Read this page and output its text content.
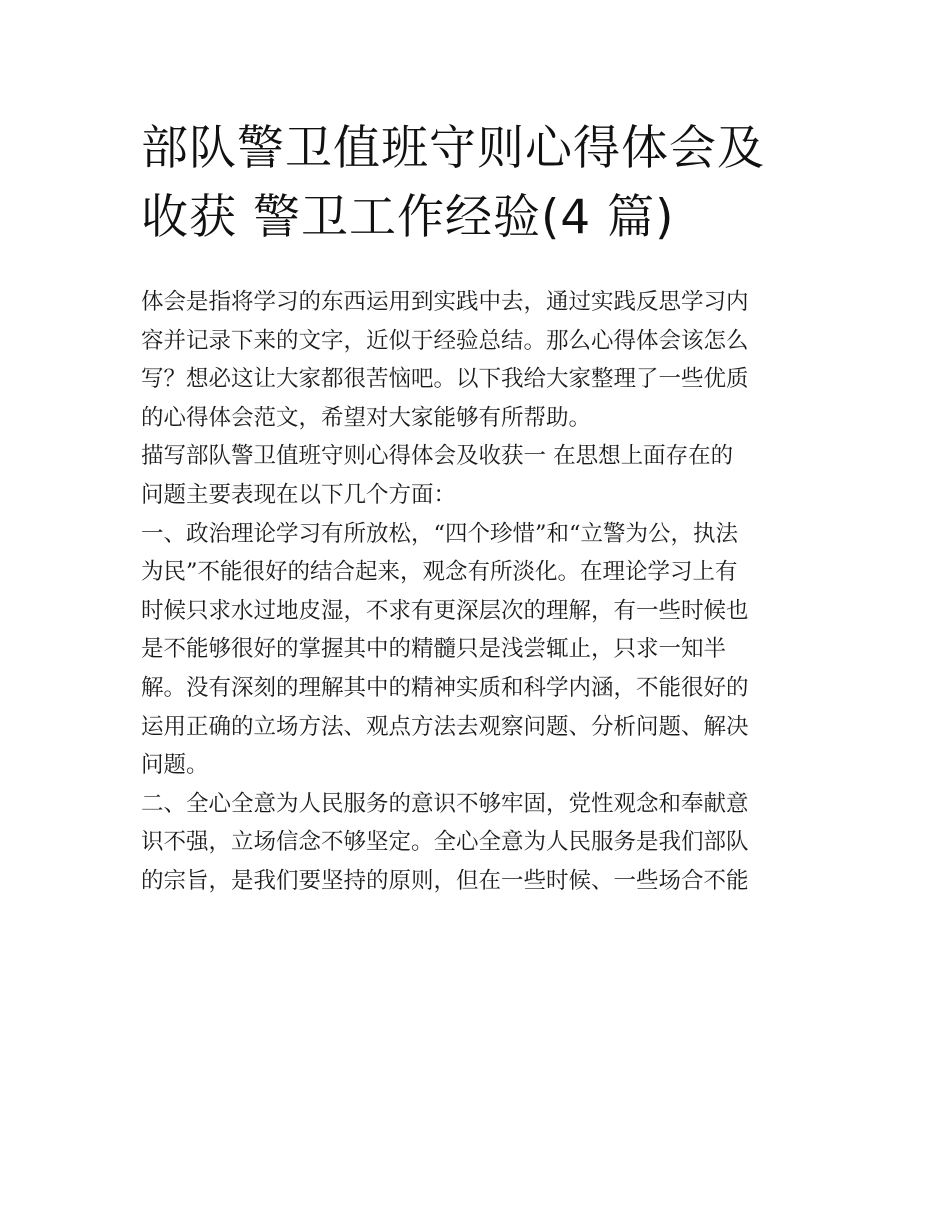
部队警卫值班守则心得体会及
收获 警卫工作经验(4 篇)

体会是指将学习的东西运用到实践中去，通过实践反思学习内
容并记录下来的文字，近似于经验总结。那么心得体会该怎么
写？想必这让大家都很苦恼吧。以下我给大家整理了一些优质
的心得体会范文，希望对大家能够有所帮助。

描写部队警卫值班守则心得体会及收获一 在思想上面存在的
问题主要表现在以下几个方面：

一、政治理论学习有所放松，“四个珍惜”和“立警为公，执法
为民”不能很好的结合起来，观念有所淡化。在理论学习上有
时候只求水过地皮湿，不求有更深层次的理解，有一些时候也
是不能够很好的掌握其中的精髓只是浅尝辄止，只求一知半
解。没有深刻的理解其中的精神实质和科学内涵，不能很好的
运用正确的立场方法、观点方法去观察问题、分析问题、解决
问题。

二、全心全意为人民服务的意识不够牢固，党性观念和奉献意
识不强，立场信念不够坚定。全心全意为人民服务是我们部队
的宗旨，是我们要坚持的原则，但在一些时候、一些场合不能
